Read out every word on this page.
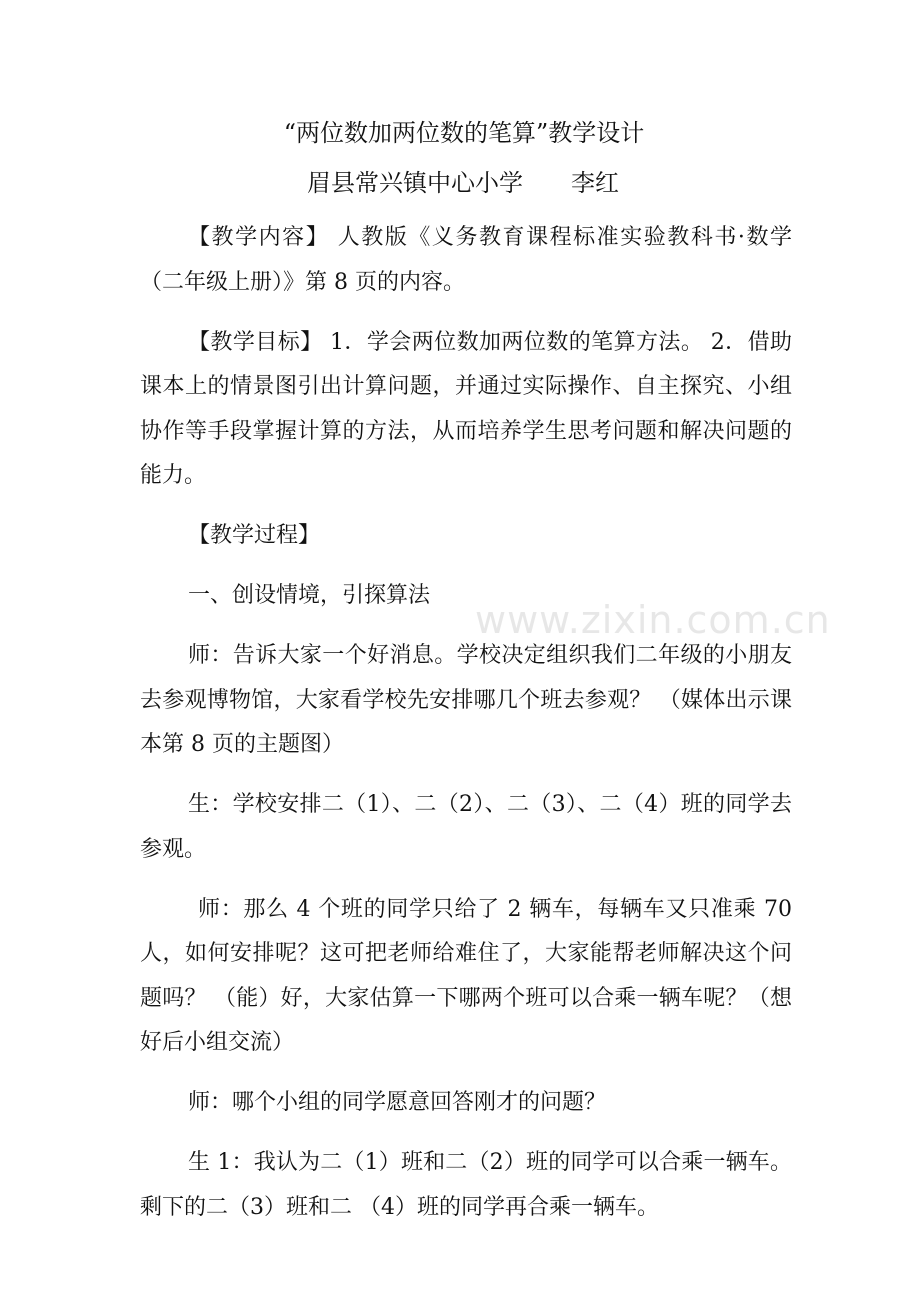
“两位数加两位数的笔算”教学设计
眉县常兴镇中心小学 李红

【教学内容】 人教版《义务教育课程标准实验教科书·数学（二年级上册）》第 8 页的内容。

【教学目标】 1．学会两位数加两位数的笔算方法。 2．借助课本上的情景图引出计算问题，并通过实际操作、自主探究、小组协作等手段掌握计算的方法，从而培养学生思考问题和解决问题的能力。

【教学过程】

一、创设情境，引探算法

师：告诉大家一个好消息。学校决定组织我们二年级的小朋友去参观博物馆，大家看学校先安排哪几个班去参观？ （媒体出示课本第 8 页的主题图）

生：学校安排二（1）、二（2）、二（3）、二（4）班的同学去参观。

师：那么 4 个班的同学只给了 2 辆车，每辆车又只准乘 70 人，如何安排呢？这可把老师给难住了，大家能帮老师解决这个问题吗？ （能）好，大家估算一下哪两个班可以合乘一辆车呢？（想好后小组交流）

师：哪个小组的同学愿意回答刚才的问题？

生 1：我认为二（1）班和二（2）班的同学可以合乘一辆车。剩下的二（3）班和二 （4）班的同学再合乘一辆车。

www.zixin.com.cn
